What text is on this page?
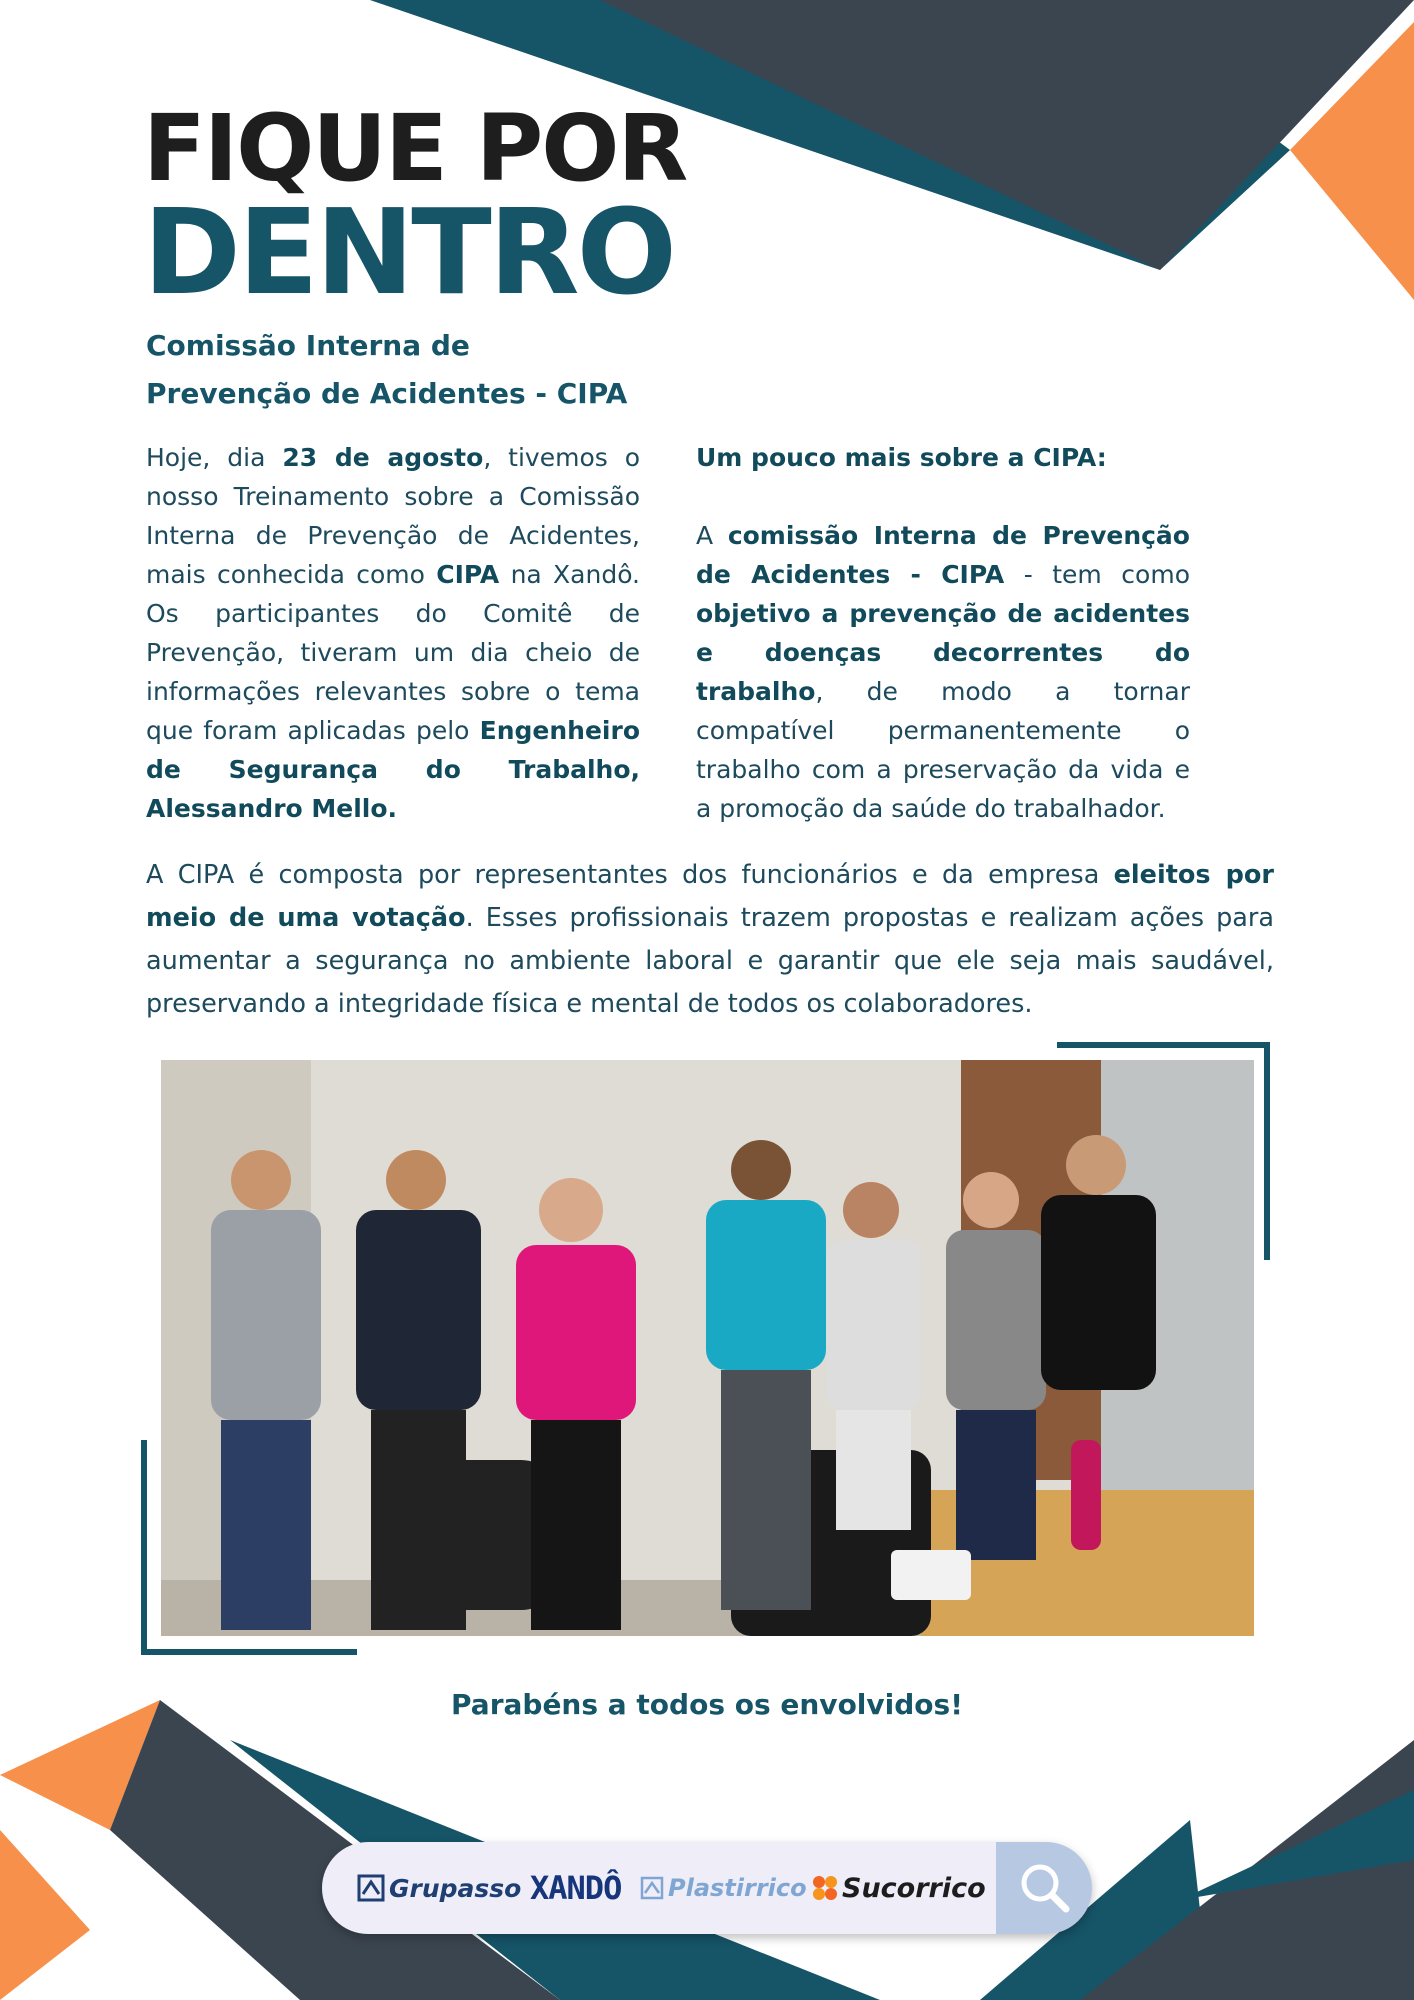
FIQUE POR
DENTRO
Comissão Interna de
Prevenção de Acidentes - CIPA

Hoje, dia 23 de agosto, tivemos o nosso Treinamento sobre a Comissão Interna de Prevenção de Acidentes, mais conhecida como CIPA na Xandô. Os participantes do Comitê de Prevenção, tiveram um dia cheio de informações relevantes sobre o tema que foram aplicadas pelo Engenheiro de Segurança do Trabalho, Alessandro Mello.

Um pouco mais sobre a CIPA:

A comissão Interna de Prevenção de Acidentes - CIPA - tem como objetivo a prevenção de acidentes e doenças decorrentes do trabalho, de modo a tornar compatível permanentemente o trabalho com a preservação da vida e a promoção da saúde do trabalhador.

A CIPA é composta por representantes dos funcionários e da empresa eleitos por meio de uma votação. Esses profissionais trazem propostas e realizam ações para aumentar a segurança no ambiente laboral e garantir que ele seja mais saudável, preservando a integridade física e mental de todos os colaboradores.

Parabéns a todos os envolvidos!

Grupasso XANDÔ Plastirrico Sucorrico
